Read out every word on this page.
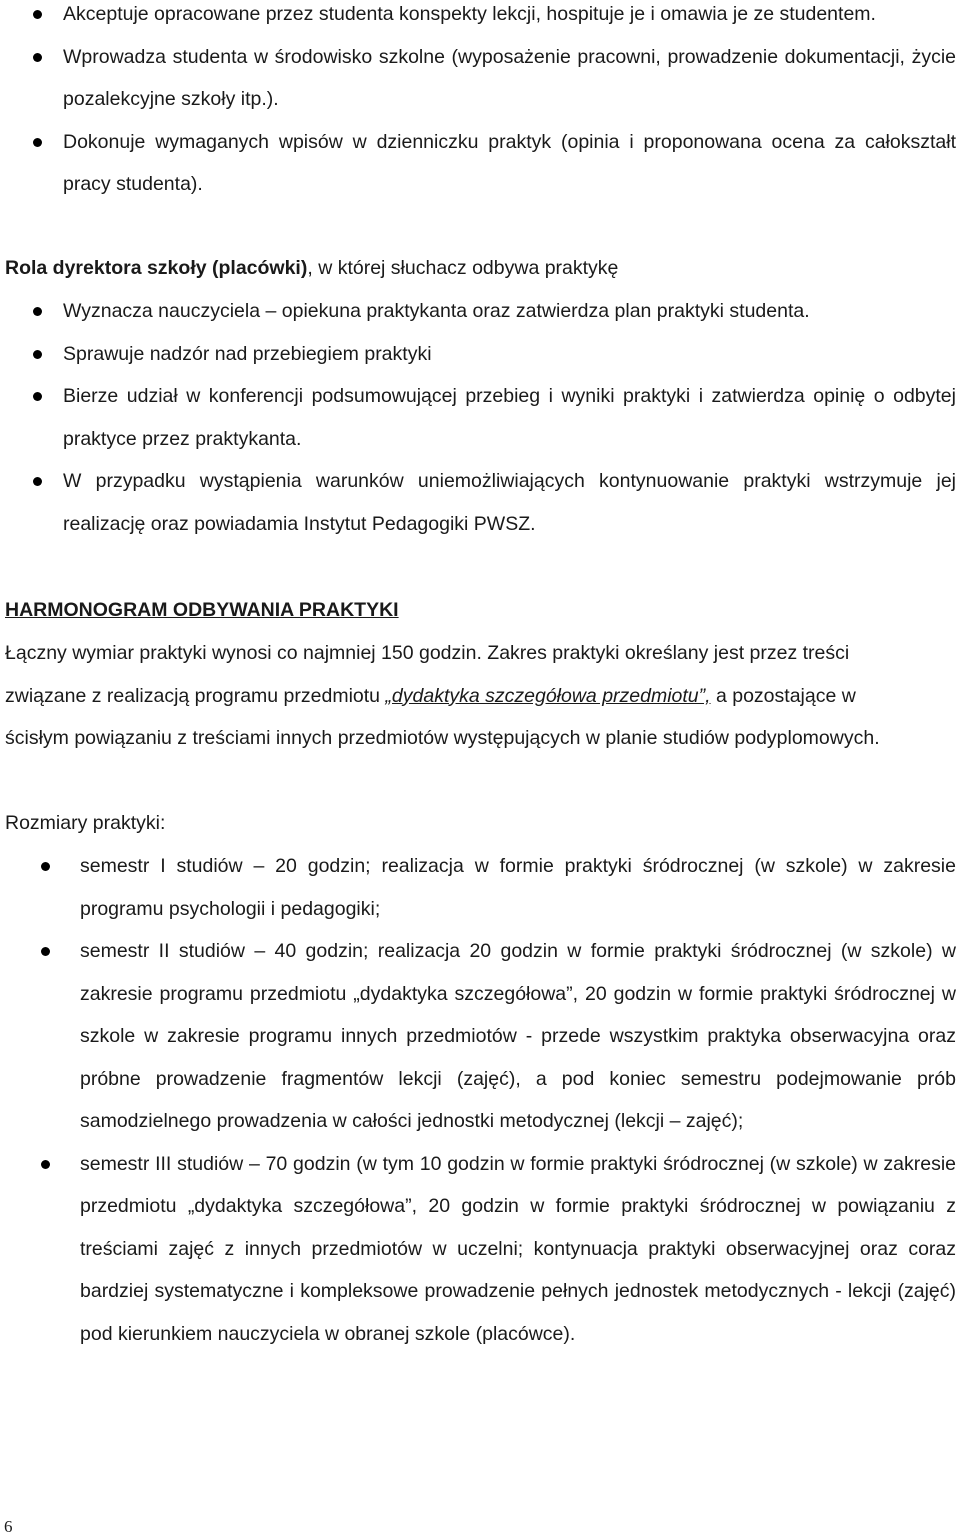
Akceptuje opracowane przez studenta konspekty lekcji, hospituje je i omawia je ze studentem.
Wprowadza studenta w środowisko szkolne (wyposażenie pracowni, prowadzenie dokumentacji, życie pozalekcyjne szkoły itp.).
Dokonuje wymaganych wpisów w dzienniczku praktyk (opinia i proponowana ocena za całokształt pracy studenta).
Rola dyrektora szkoły (placówki), w której słuchacz odbywa praktykę
Wyznacza nauczyciela – opiekuna praktykanta oraz zatwierdza plan praktyki studenta.
Sprawuje nadzór nad przebiegiem praktyki
Bierze udział w konferencji podsumowującej przebieg i wyniki praktyki i zatwierdza opinię o odbytej praktyce przez praktykanta.
W przypadku wystąpienia warunków uniemożliwiających kontynuowanie praktyki wstrzymuje jej realizację oraz powiadamia Instytut Pedagogiki PWSZ.
HARMONOGRAM ODBYWANIA PRAKTYKI

Łączny wymiar praktyki wynosi co najmniej 150 godzin. Zakres praktyki określany jest przez treści związane z realizacją programu przedmiotu „dydaktyka szczegółowa przedmiotu”, a pozostające w ścisłym powiązaniu z treściami innych przedmiotów występujących w planie studiów podyplomowych.

Rozmiary praktyki:
semestr I studiów – 20 godzin; realizacja w formie praktyki śródrocznej (w szkole) w zakresie programu psychologii i pedagogiki;
semestr II studiów – 40 godzin; realizacja 20 godzin w formie praktyki śródrocznej (w szkole) w zakresie programu przedmiotu „dydaktyka szczegółowa”, 20 godzin w formie praktyki śródrocznej w szkole w zakresie programu innych przedmiotów - przede wszystkim praktyka obserwacyjna oraz próbne prowadzenie fragmentów lekcji (zajęć), a pod koniec semestru podejmowanie prób samodzielnego prowadzenia w całości jednostki metodycznej (lekcji – zajęć);
semestr III studiów – 70 godzin (w tym 10 godzin w formie praktyki śródrocznej (w szkole) w zakresie przedmiotu „dydaktyka szczegółowa”, 20 godzin w formie praktyki śródrocznej w powiązaniu z treściami zajęć z innych przedmiotów w uczelni; kontynuacja praktyki obserwacyjnej oraz coraz bardziej systematyczne i kompleksowe prowadzenie pełnych jednostek metodycznych - lekcji (zajęć) pod kierunkiem nauczyciela w obranej szkole (placówce).
6
